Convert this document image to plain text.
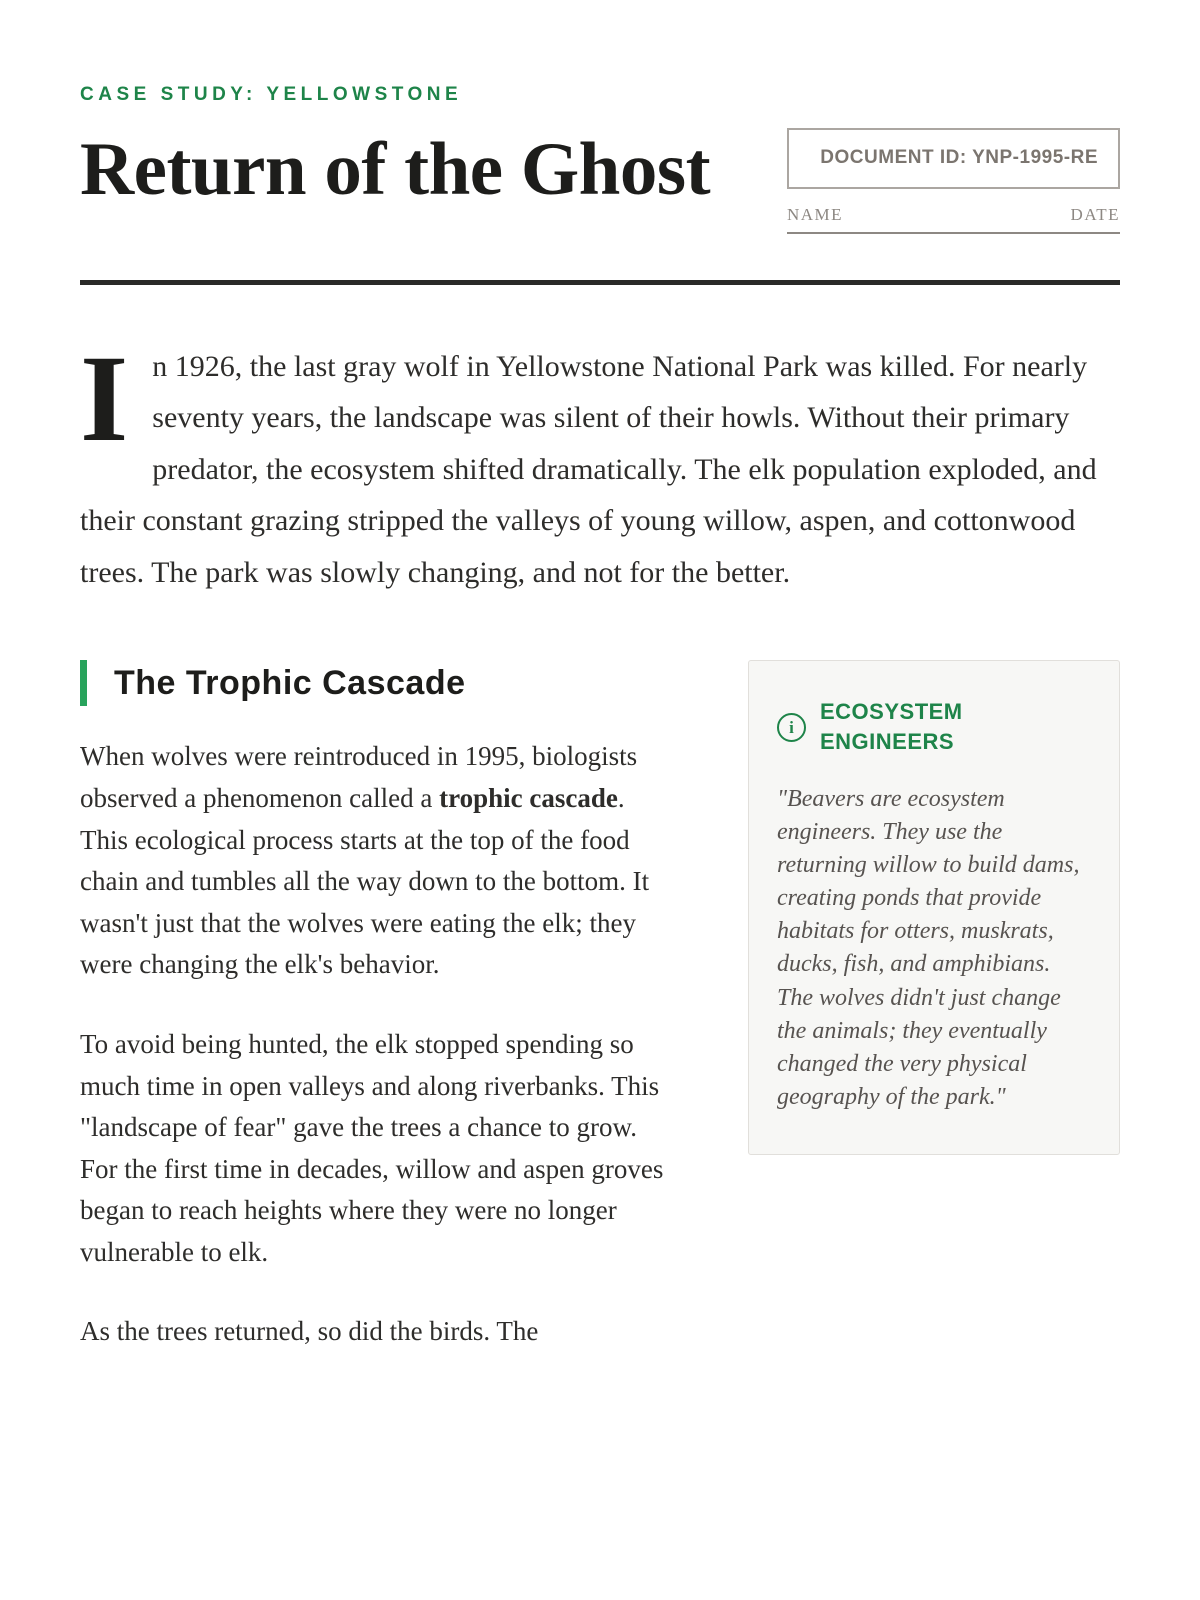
CASE STUDY: YELLOWSTONE
Return of the Ghost	DOCUMENT ID: YNP-1995-RE
NAME	DATE

In 1926, the last gray wolf in Yellowstone National Park was killed. For nearly seventy years, the landscape was silent of their howls. Without their primary predator, the ecosystem shifted dramatically. The elk population exploded, and their constant grazing stripped the valleys of young willow, aspen, and cottonwood trees. The park was slowly changing, and not for the better.

The Trophic Cascade

When wolves were reintroduced in 1995, biologists observed a phenomenon called a trophic cascade. This ecological process starts at the top of the food chain and tumbles all the way down to the bottom. It wasn't just that the wolves were eating the elk; they were changing the elk's behavior.

To avoid being hunted, the elk stopped spending so much time in open valleys and along riverbanks. This "landscape of fear" gave the trees a chance to grow. For the first time in decades, willow and aspen groves began to reach heights where they were no longer vulnerable to elk.

As the trees returned, so did the birds. The

i
ECOSYSTEM ENGINEERS

"Beavers are ecosystem engineers. They use the returning willow to build dams, creating ponds that provide habitats for otters, muskrats, ducks, fish, and amphibians. The wolves didn't just change the animals; they eventually changed the very physical geography of the park."
